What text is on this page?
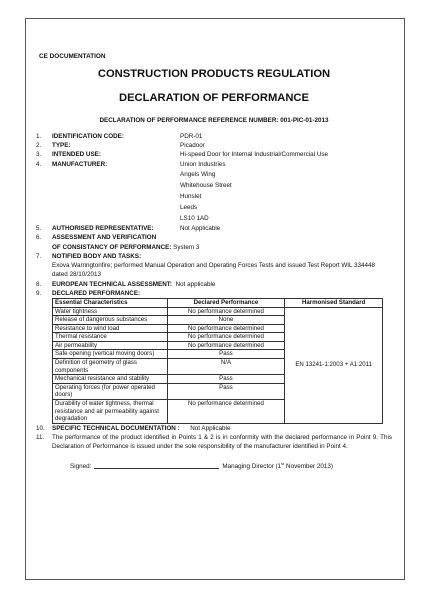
CE DOCUMENTATION
CONSTRUCTION PRODUCTS REGULATION
DECLARATION OF PERFORMANCE
DECLARATION OF PERFORMANCE REFERENCE NUMBER: 001-PIC-01-2013
1. IDENTIFICATION CODE:	PDR-01
2. TYPE:	Picadoor
3. INTENDED USE:	Hi-speed Door for Internal Industrial/Commercial Use
4. MANUFACTURER:	Union Industries
Angels Wing
Whitehouse Street
Hunslet
Leeds
LS10 1AD
5. AUTHORISED REPRESENTATIVE:	Not Applicable
6. ASSESSMENT AND VERIFICATION
OF CONSISTANCY OF PERFORMANCE: System 3
7. NOTIFIED BODY AND TASKS:
Exova Warringtonfire; performed Manual Operation and Operating Forces Tests and issued Test Report WIL 334448 dated 28/10/2013
8. EUROPEAN TECHNICAL ASSESSMENT: Not applicable
9. DECLARED PERFORMANCE:
Essential Characteristics	Declared Performance	Harmonised Standard
Water tightness	No performance determined	EN 13241-1:2003 + A1:2011
Release of dangerous substances	None	
Resistance to wind load	No performance determined	
Thermal resistance	No performance determined	
Air permeability	No performance determined	
Safe opening (vertical moving doors)	Pass	
Definition of geometry of glass components	N/A	
Mechanical resistance and stability	Pass	
Operating forces (for power operated doors)	Pass	
Durability of water tightness, thermal resistance and air permeability against degradation	No performance determined	
10. SPECIFIC TECHNICAL DOCUMENTATION : Not Applicable
11. The performance of the product identified in Points 1 & 2 is in conformity with the declared performance in Point 9. This Declaration of Performance is issued under the sole responsibility of the manufacturer identified in Point 4.
Signed:	Managing Director (1st November 2013)
